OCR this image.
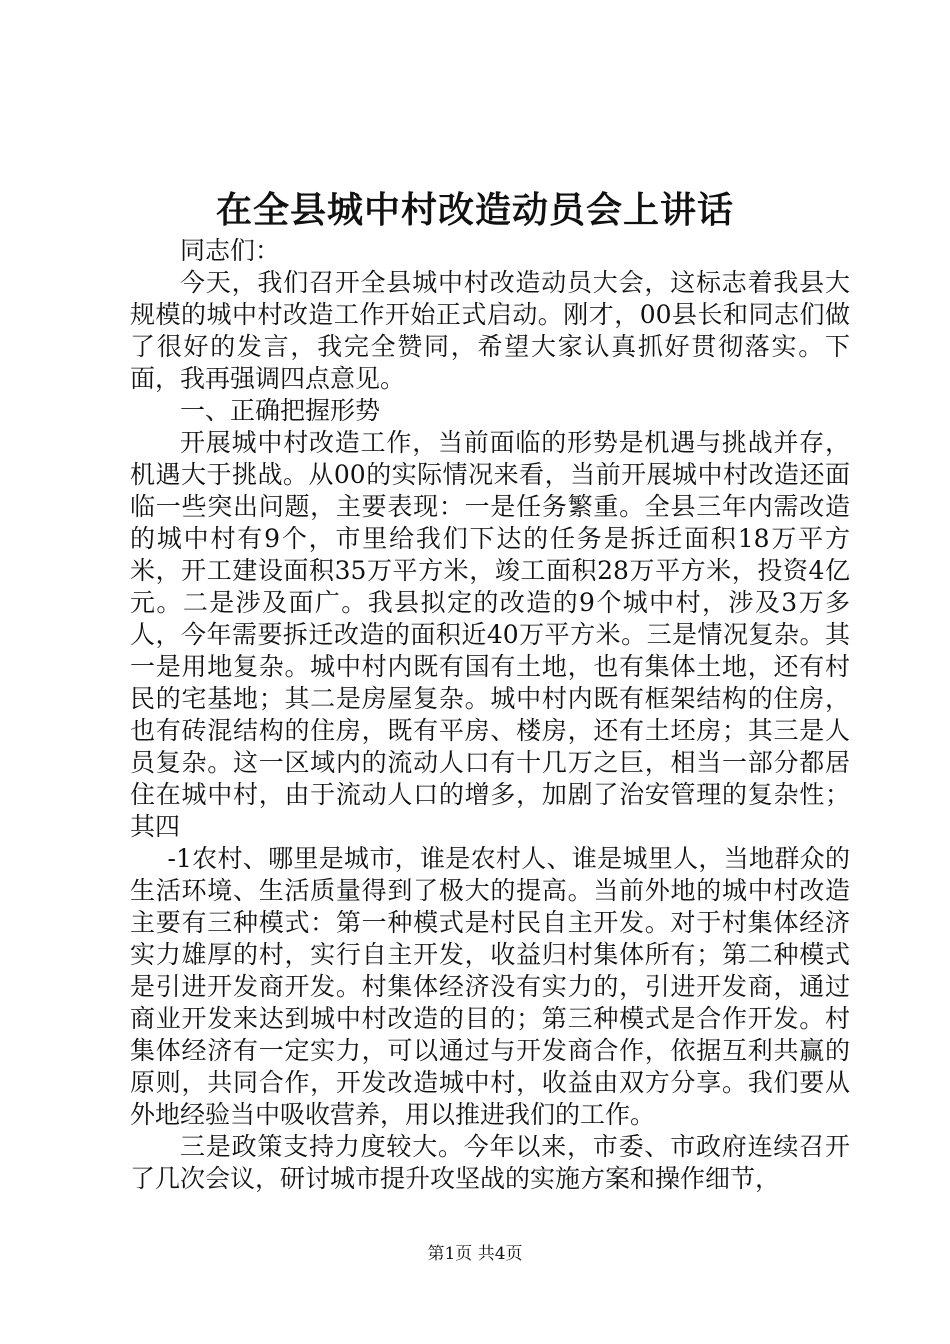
在全县城中村改造动员会上讲话

同志们：

今天，我们召开全县城中村改造动员大会，这标志着我县大规模的城中村改造工作开始正式启动。刚才，00县长和同志们做了很好的发言，我完全赞同，希望大家认真抓好贯彻落实。下面，我再强调四点意见。

一、正确把握形势

开展城中村改造工作，当前面临的形势是机遇与挑战并存，机遇大于挑战。从00的实际情况来看，当前开展城中村改造还面临一些突出问题，主要表现：一是任务繁重。全县三年内需改造的城中村有9个，市里给我们下达的任务是拆迁面积18万平方米，开工建设面积35万平方米，竣工面积28万平方米，投资4亿元。二是涉及面广。我县拟定的改造的9个城中村，涉及3万多人，今年需要拆迁改造的面积近40万平方米。三是情况复杂。其一是用地复杂。城中村内既有国有土地，也有集体土地，还有村民的宅基地；其二是房屋复杂。城中村内既有框架结构的住房，也有砖混结构的住房，既有平房、楼房，还有土坯房；其三是人员复杂。这一区域内的流动人口有十几万之巨，相当一部分都居住在城中村，由于流动人口的增多，加剧了治安管理的复杂性；其四

-1农村、哪里是城市，谁是农村人、谁是城里人，当地群众的生活环境、生活质量得到了极大的提高。当前外地的城中村改造主要有三种模式：第一种模式是村民自主开发。对于村集体经济实力雄厚的村，实行自主开发，收益归村集体所有；第二种模式是引进开发商开发。村集体经济没有实力的，引进开发商，通过商业开发来达到城中村改造的目的；第三种模式是合作开发。村集体经济有一定实力，可以通过与开发商合作，依据互利共赢的原则，共同合作，开发改造城中村，收益由双方分享。我们要从外地经验当中吸收营养，用以推进我们的工作。

三是政策支持力度较大。今年以来，市委、市政府连续召开了几次会议，研讨城市提升攻坚战的实施方案和操作细节，

第1页 共4页
